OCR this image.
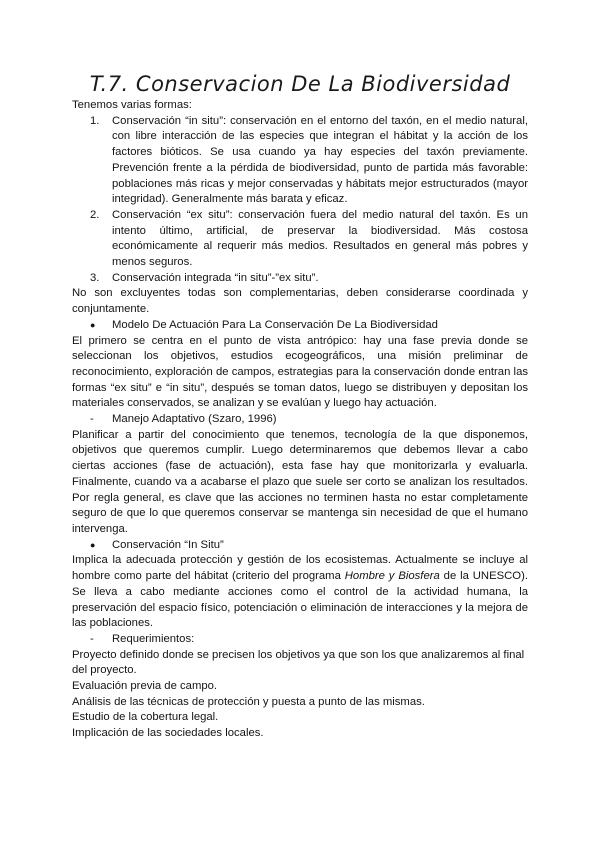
T.7. Conservacion De La Biodiversidad

Tenemos varias formas:

1. Conservación “in situ”: conservación en el entorno del taxón, en el medio natural, con libre interacción de las especies que integran el hábitat y la acción de los factores bióticos. Se usa cuando ya hay especies del taxón previamente. Prevención frente a la pérdida de biodiversidad, punto de partida más favorable: poblaciones más ricas y mejor conservadas y hábitats mejor estructurados (mayor integridad). Generalmente más barata y eficaz.
2. Conservación “ex situ”: conservación fuera del medio natural del taxón. Es un intento último, artificial, de preservar la biodiversidad. Más costosa económicamente al requerir más medios. Resultados en general más pobres y menos seguros.
3. Conservación integrada “in situ”-”ex situ”.

No son excluyentes todas son complementarias, deben considerarse coordinada y conjuntamente.

● Modelo De Actuación Para La Conservación De La Biodiversidad

El primero se centra en el punto de vista antrópico: hay una fase previa donde se seleccionan los objetivos, estudios ecogeográficos, una misión preliminar de reconocimiento, exploración de campos, estrategias para la conservación donde entran las formas “ex situ” e “in situ”, después se toman datos, luego se distribuyen y depositan los materiales conservados, se analizan y se evalúan y luego hay actuación.

- Manejo Adaptativo (Szaro, 1996)

Planificar a partir del conocimiento que tenemos, tecnología de la que disponemos, objetivos que queremos cumplir. Luego determinaremos que debemos llevar a cabo ciertas acciones (fase de actuación), esta fase hay que monitorizarla y evaluarla. Finalmente, cuando va a acabarse el plazo que suele ser corto se analizan los resultados. Por regla general, es clave que las acciones no terminen hasta no estar completamente seguro de que lo que queremos conservar se mantenga sin necesidad de que el humano intervenga.

● Conservación “In Situ”

Implica la adecuada protección y gestión de los ecosistemas. Actualmente se incluye al hombre como parte del hábitat (criterio del programa Hombre y Biosfera de la UNESCO). Se lleva a cabo mediante acciones como el control de la actividad humana, la preservación del espacio físico, potenciación o eliminación de interacciones y la mejora de las poblaciones.

- Requerimientos:

Proyecto definido donde se precisen los objetivos ya que son los que analizaremos al final del proyecto.

Evaluación previa de campo.

Análisis de las técnicas de protección y puesta a punto de las mismas.

Estudio de la cobertura legal.

Implicación de las sociedades locales.
